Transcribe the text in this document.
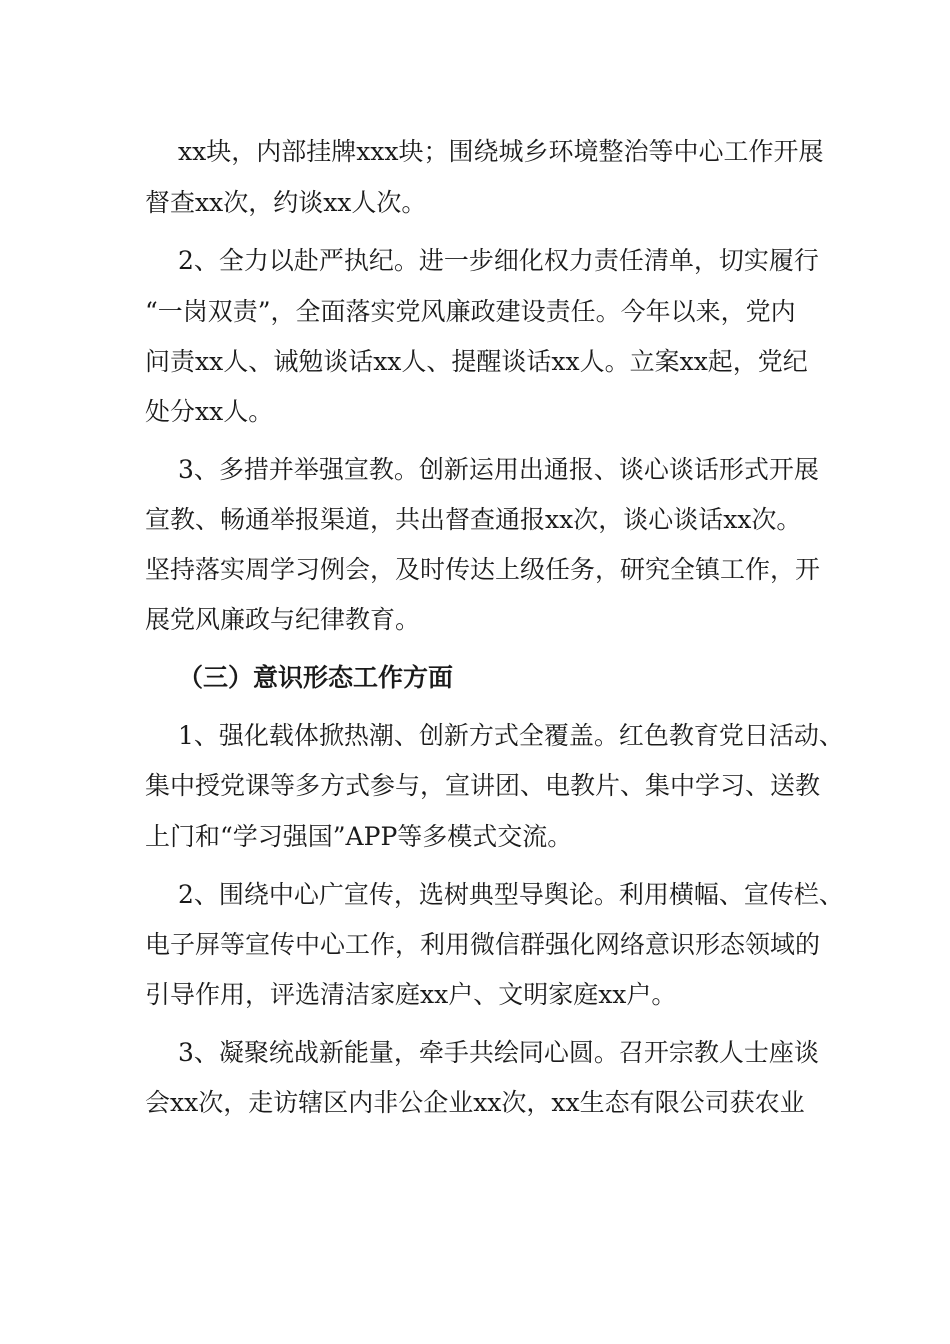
xx块，内部挂牌xxx块；围绕城乡环境整治等中心工作开展
督查xx次，约谈xx人次。
2、全力以赴严执纪。进一步细化权力责任清单，切实履行
“一岗双责”，全面落实党风廉政建设责任。今年以来，党内
问责xx人、诫勉谈话xx人、提醒谈话xx人。立案xx起，党纪
处分xx人。
3、多措并举强宣教。创新运用出通报、谈心谈话形式开展
宣教、畅通举报渠道，共出督查通报xx次，谈心谈话xx次。
坚持落实周学习例会，及时传达上级任务，研究全镇工作，开
展党风廉政与纪律教育。
（三）意识形态工作方面
1、强化载体掀热潮、创新方式全覆盖。红色教育党日活动、
集中授党课等多方式参与，宣讲团、电教片、集中学习、送教
上门和“学习强国”APP等多模式交流。
2、围绕中心广宣传，选树典型导舆论。利用横幅、宣传栏、
电子屏等宣传中心工作，利用微信群强化网络意识形态领域的
引导作用，评选清洁家庭xx户、文明家庭xx户。
3、凝聚统战新能量，牵手共绘同心圆。召开宗教人士座谈
会xx次，走访辖区内非公企业xx次，xx生态有限公司获农业
